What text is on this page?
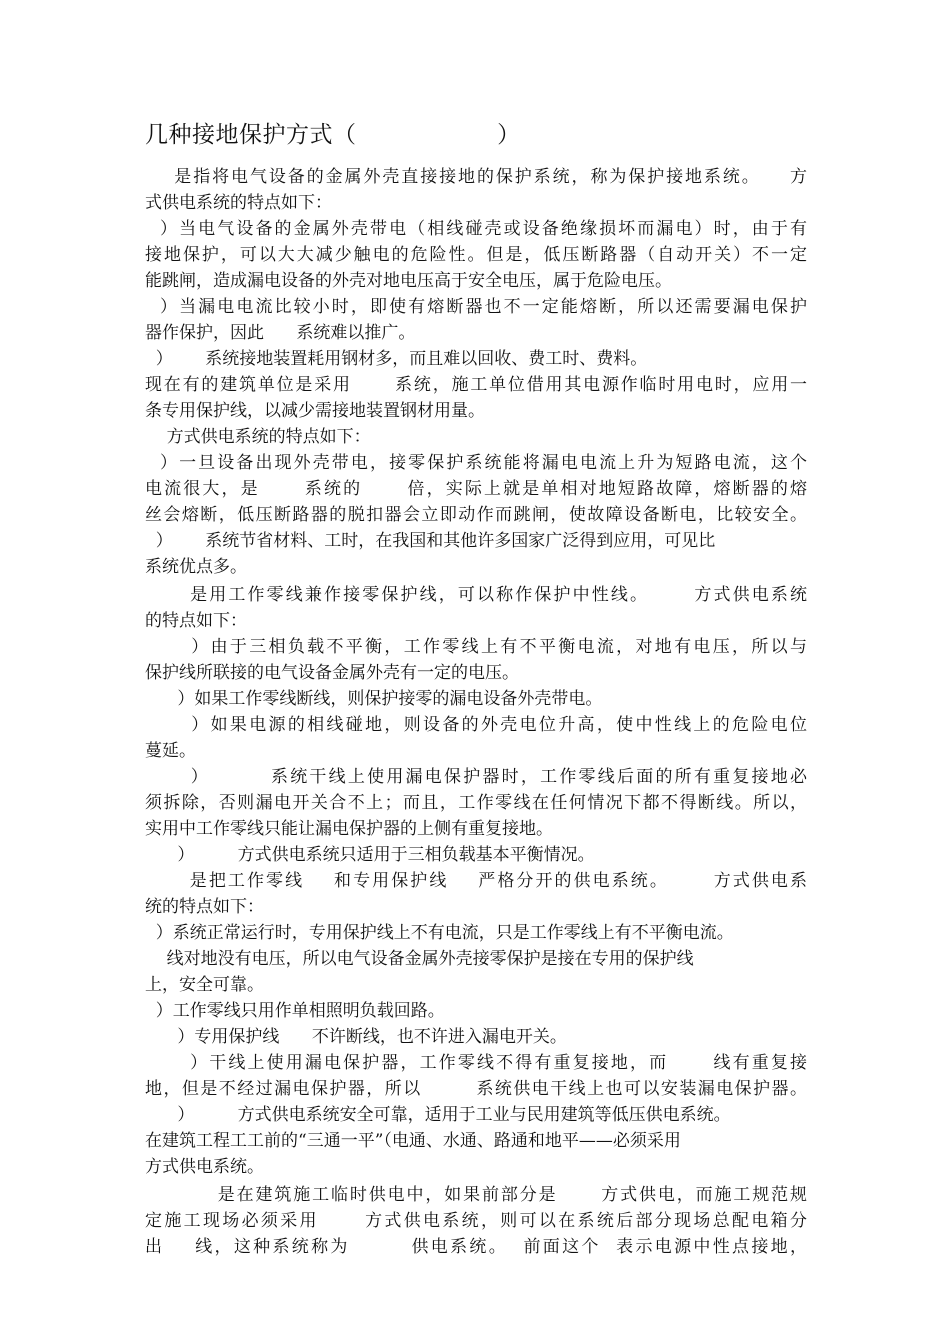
几种接地保护方式（                  ）
是指将电气设备的金属外壳直接接地的保护系统，称为保护接地系统。    方
式供电系统的特点如下：
）当电气设备的金属外壳带电（相线碰壳或设备绝缘损坏而漏电）时，由于有
接地保护，可以大大减少触电的危险性。但是，低压断路器（自动开关）不一定
能跳闸，造成漏电设备的外壳对地电压高于安全电压，属于危险电压。
）当漏电电流比较小时，即使有熔断器也不一定能熔断，所以还需要漏电保护
器作保护，因此      系统难以推广。
）      系统接地装置耗用钢材多，而且难以回收、费工时、费料。
现在有的建筑单位是采用      系统，施工单位借用其电源作临时用电时，应用一
条专用保护线，以减少需接地装置钢材用量。
方式供电系统的特点如下：
）一旦设备出现外壳带电，接零保护系统能将漏电电流上升为短路电流，这个
电流很大，是      系统的      倍，实际上就是单相对地短路故障，熔断器的熔
丝会熔断，低压断路器的脱扣器会立即动作而跳闸，使故障设备断电，比较安全。
）      系统节省材料、工时，在我国和其他许多国家广泛得到应用，可见比
系统优点多。
是用工作零线兼作接零保护线，可以称作保护中性线。      方式供电系统
的特点如下：
）由于三相负载不平衡，工作零线上有不平衡电流，对地有电压，所以与
保护线所联接的电气设备金属外壳有一定的电压。
）如果工作零线断线，则保护接零的漏电设备外壳带电。
）如果电源的相线碰地，则设备的外壳电位升高，使中性线上的危险电位
蔓延。
）        系统干线上使用漏电保护器时，工作零线后面的所有重复接地必
须拆除，否则漏电开关合不上；而且，工作零线在任何情况下都不得断线。所以，
实用中工作零线只能让漏电保护器的上侧有重复接地。
）        方式供电系统只适用于三相负载基本平衡情况。
是把工作零线    和专用保护线    严格分开的供电系统。      方式供电系
统的特点如下：
）系统正常运行时，专用保护线上不有电流，只是工作零线上有不平衡电流。
线对地没有电压，所以电气设备金属外壳接零保护是接在专用的保护线
上，安全可靠。
）工作零线只用作单相照明负载回路。
）专用保护线      不许断线，也不许进入漏电开关。
）干线上使用漏电保护器，工作零线不得有重复接地，而      线有重复接
地，但是不经过漏电保护器，所以        系统供电干线上也可以安装漏电保护器。
）        方式供电系统安全可靠，适用于工业与民用建筑等低压供电系统。
在建筑工程工工前的“三通一平”（电通、水通、路通和地平——必须采用
方式供电系统。
是在建筑施工临时供电中，如果前部分是      方式供电，而施工规范规
定施工现场必须采用      方式供电系统，则可以在系统后部分现场总配电箱分
出    线，这种系统称为        供电系统。  前面这个  表示电源中性点接地，
